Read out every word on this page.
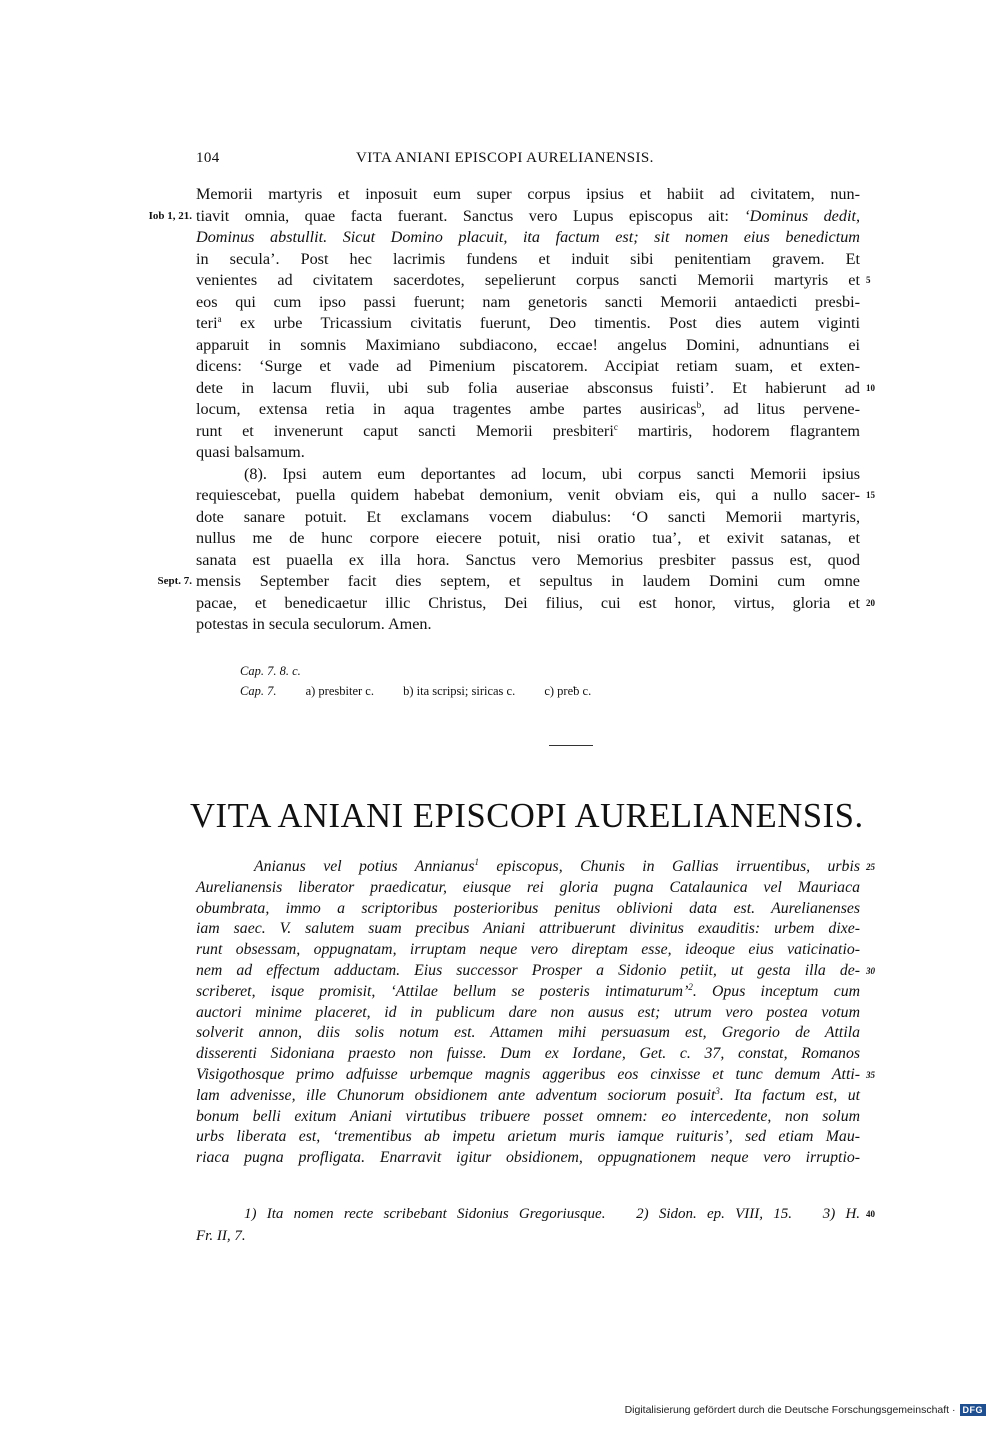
104	VITA ANIANI EPISCOPI AURELIANENSIS.
Memorii martyris et inposuit eum super corpus ipsius et habiit ad civitatem, nun-
Iob 1, 21. tiavit omnia, quae facta fuerant. Sanctus vero Lupus episcopus ait: ‘Dominus dedit,
Dominus abstullit. Sicut Domino placuit, ita factum est; sit nomen eius benedictum
in secula’. Post hec lacrimis fundens et induit sibi penitentiam gravem. Et
venientes ad civitatem sacerdotes, sepelierunt corpus sancti Memorii martyris et 5
eos qui cum ipso passi fuerunt; nam genetoris sancti Memorii antaedicti presbi-
teri$^a$ ex urbe Tricassium civitatis fuerunt, Deo timentis. Post dies autem viginti
apparuit in somnis Maximiano subdiacono, eccae! angelus Domini, adnuntians ei
dicens: ‘Surge et vade ad Pimenium piscatorem. Accipiat retiam suam, et exten-
dete in lacum fluvii, ubi sub folia auseriae absconsus fuisti’. Et habierunt ad 10
locum, extensa retia in aqua tragentes ambe partes ausiricas$^b$, ad litus pervene-
runt et invenerunt caput sancti Memorii presbiteri$^c$ martiris, hodorem flagrantem
quasi balsamum.
(8). Ipsi autem eum deportantes ad locum, ubi corpus sancti Memorii ipsius
requiescebat, puella quidem habebat demonium, venit obviam eis, qui a nullo sacer- 15
dote sanare potuit. Et exclamans vocem diabulus: ‘O sancti Memorii martyris,
nullus me de hunc corpore eiecere potuit, nisi oratio tua’, et exivit satanas, et
sanata est puaella ex illa hora. Sanctus vero Memorius presbiter passus est, quod
Sept. 7. mensis September facit dies septem, et sepultus in laudem Domini cum omne
pacae, et benedicaetur illic Christus, Dei filius, cui est honor, virtus, gloria et 20
potestas in secula seculorum. Amen.
Cap. 7. 8. c.
Cap. 7. a) presbiter c. b) ita scripsi; siricas c. c) preƀ c.
VITA ANIANI EPISCOPI AURELIANENSIS.
Anianus vel potius Annianus$^1$ episcopus, Chunis in Gallias irruentibus, urbis 25
Aurelianensis liberator praedicatur, eiusque rei gloria pugna Catalaunica vel Mauriaca
obumbrata, immo a scriptoribus posterioribus penitus oblivioni data est. Aurelianenses
iam saec. V. salutem suam precibus Aniani attribuerunt divinitus exauditis: urbem dixe-
runt obsessam, oppugnatam, irruptam neque vero direptam esse, ideoque eius vaticinatio-
nem ad effectum adductam. Eius successor Prosper a Sidonio petiit, ut gesta illa de- 30
scriberet, isque promisit, ‘Attilae bellum se posteris intimaturum’$^2$. Opus inceptum cum
auctori minime placeret, id in publicum dare non ausus est; utrum vero postea votum
solverit annon, diis solis notum est. Attamen mihi persuasum est, Gregorio de Attila
disserenti Sidoniana praesto non fuisse. Dum ex Iordane, Get. c. 37, constat, Romanos
Visigothosque primo adfuisse urbemque magnis aggeribus eos cinxisse et tunc demum Atti- 35
lam advenisse, ille Chunorum obsidionem ante adventum sociorum posuit$^3$. Ita factum est, ut
bonum belli exitum Aniani virtutibus tribuere posset omnem: eo intercedente, non solum
urbs liberata est, ‘trementibus ab impetu arietum muris iamque ruituris’, sed etiam Mau-
riaca pugna profligata. Enarravit igitur obsidionem, oppugnationem neque vero irruptio-
1) Ita nomen recte scribebant Sidonius Gregoriusque. 2) Sidon. ep. VIII, 15. 3) H. 40
Fr. II, 7.
Digitalisierung gefördert durch die Deutsche Forschungsgemeinschaft · DFG
